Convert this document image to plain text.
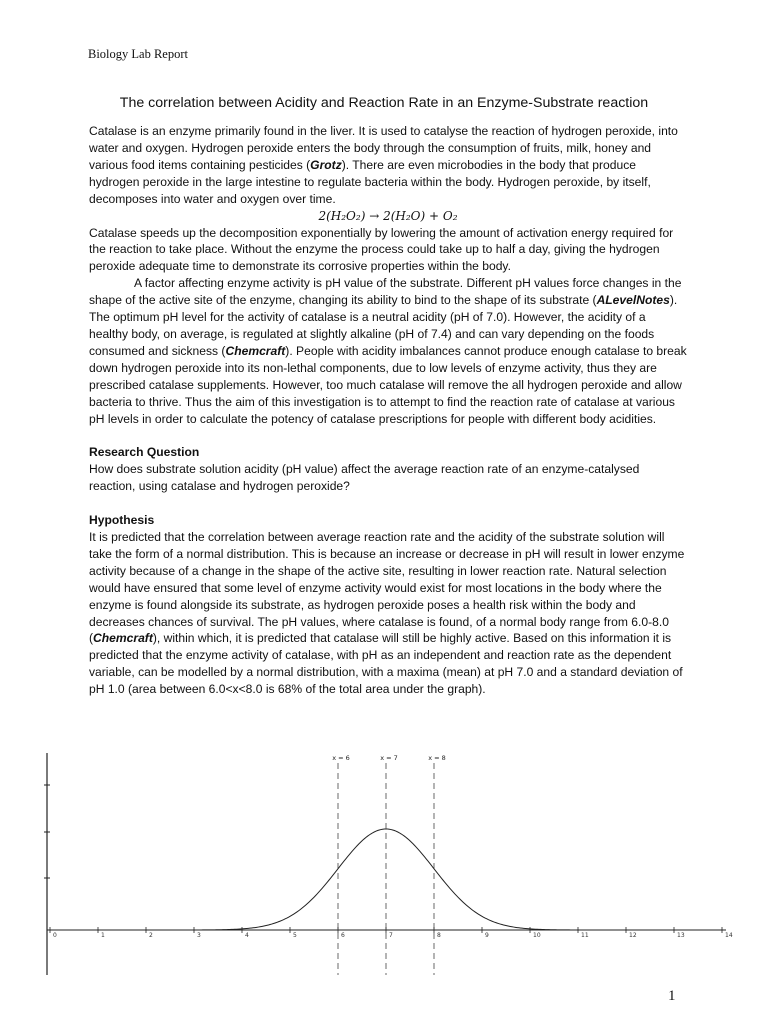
Biology Lab Report
The correlation between Acidity and Reaction Rate in an Enzyme-Substrate reaction

Catalase is an enzyme primarily found in the liver. It is used to catalyse the reaction of hydrogen peroxide, into water and oxygen. Hydrogen peroxide enters the body through the consumption of fruits, milk, honey and various food items containing pesticides (Grotz). There are even microbodies in the body that produce hydrogen peroxide in the large intestine to regulate bacteria within the body. Hydrogen peroxide, by itself, decomposes into water and oxygen over time.

2(H₂O₂) → 2(H₂O) + O₂

Catalase speeds up the decomposition exponentially by lowering the amount of activation energy required for the reaction to take place. Without the enzyme the process could take up to half a day, giving the hydrogen peroxide adequate time to demonstrate its corrosive properties within the body.

A factor affecting enzyme activity is pH value of the substrate. Different pH values force changes in the shape of the active site of the enzyme, changing its ability to bind to the shape of its substrate (ALevelNotes). The optimum pH level for the activity of catalase is a neutral acidity (pH of 7.0). However, the acidity of a healthy body, on average, is regulated at slightly alkaline (pH of 7.4) and can vary depending on the foods consumed and sickness (Chemcraft). People with acidity imbalances cannot produce enough catalase to break down hydrogen peroxide into its non-lethal components, due to low levels of enzyme activity, thus they are prescribed catalase supplements. However, too much catalase will remove the all hydrogen peroxide and allow bacteria to thrive. Thus the aim of this investigation is to attempt to find the reaction rate of catalase at various pH levels in order to calculate the potency of catalase prescriptions for people with different body acidities.

Research Question

How does substrate solution acidity (pH value) affect the average reaction rate of an enzyme-catalysed reaction, using catalase and hydrogen peroxide?

Hypothesis

It is predicted that the correlation between average reaction rate and the acidity of the substrate solution will take the form of a normal distribution. This is because an increase or decrease in pH will result in lower enzyme activity because of a change in the shape of the active site, resulting in lower reaction rate. Natural selection would have ensured that some level of enzyme activity would exist for most locations in the body where the enzyme is found alongside its substrate, as hydrogen peroxide poses a health risk within the body and decreases chances of survival. The pH values, where catalase is found, of a normal body range from 6.0-8.0 (Chemcraft), within which, it is predicted that catalase will still be highly active. Based on this information it is predicted that the enzyme activity of catalase, with pH as an independent and reaction rate as the dependent variable, can be modelled by a normal distribution, with a maxima (mean) at pH 7.0 and a standard deviation of pH 1.0 (area between 6.0<x<8.0 is 68% of the total area under the graph).

x = 6	x = 7	x = 8
0	1	2	3	4	5	6	7	8	9	10	11	12	13	14
1
